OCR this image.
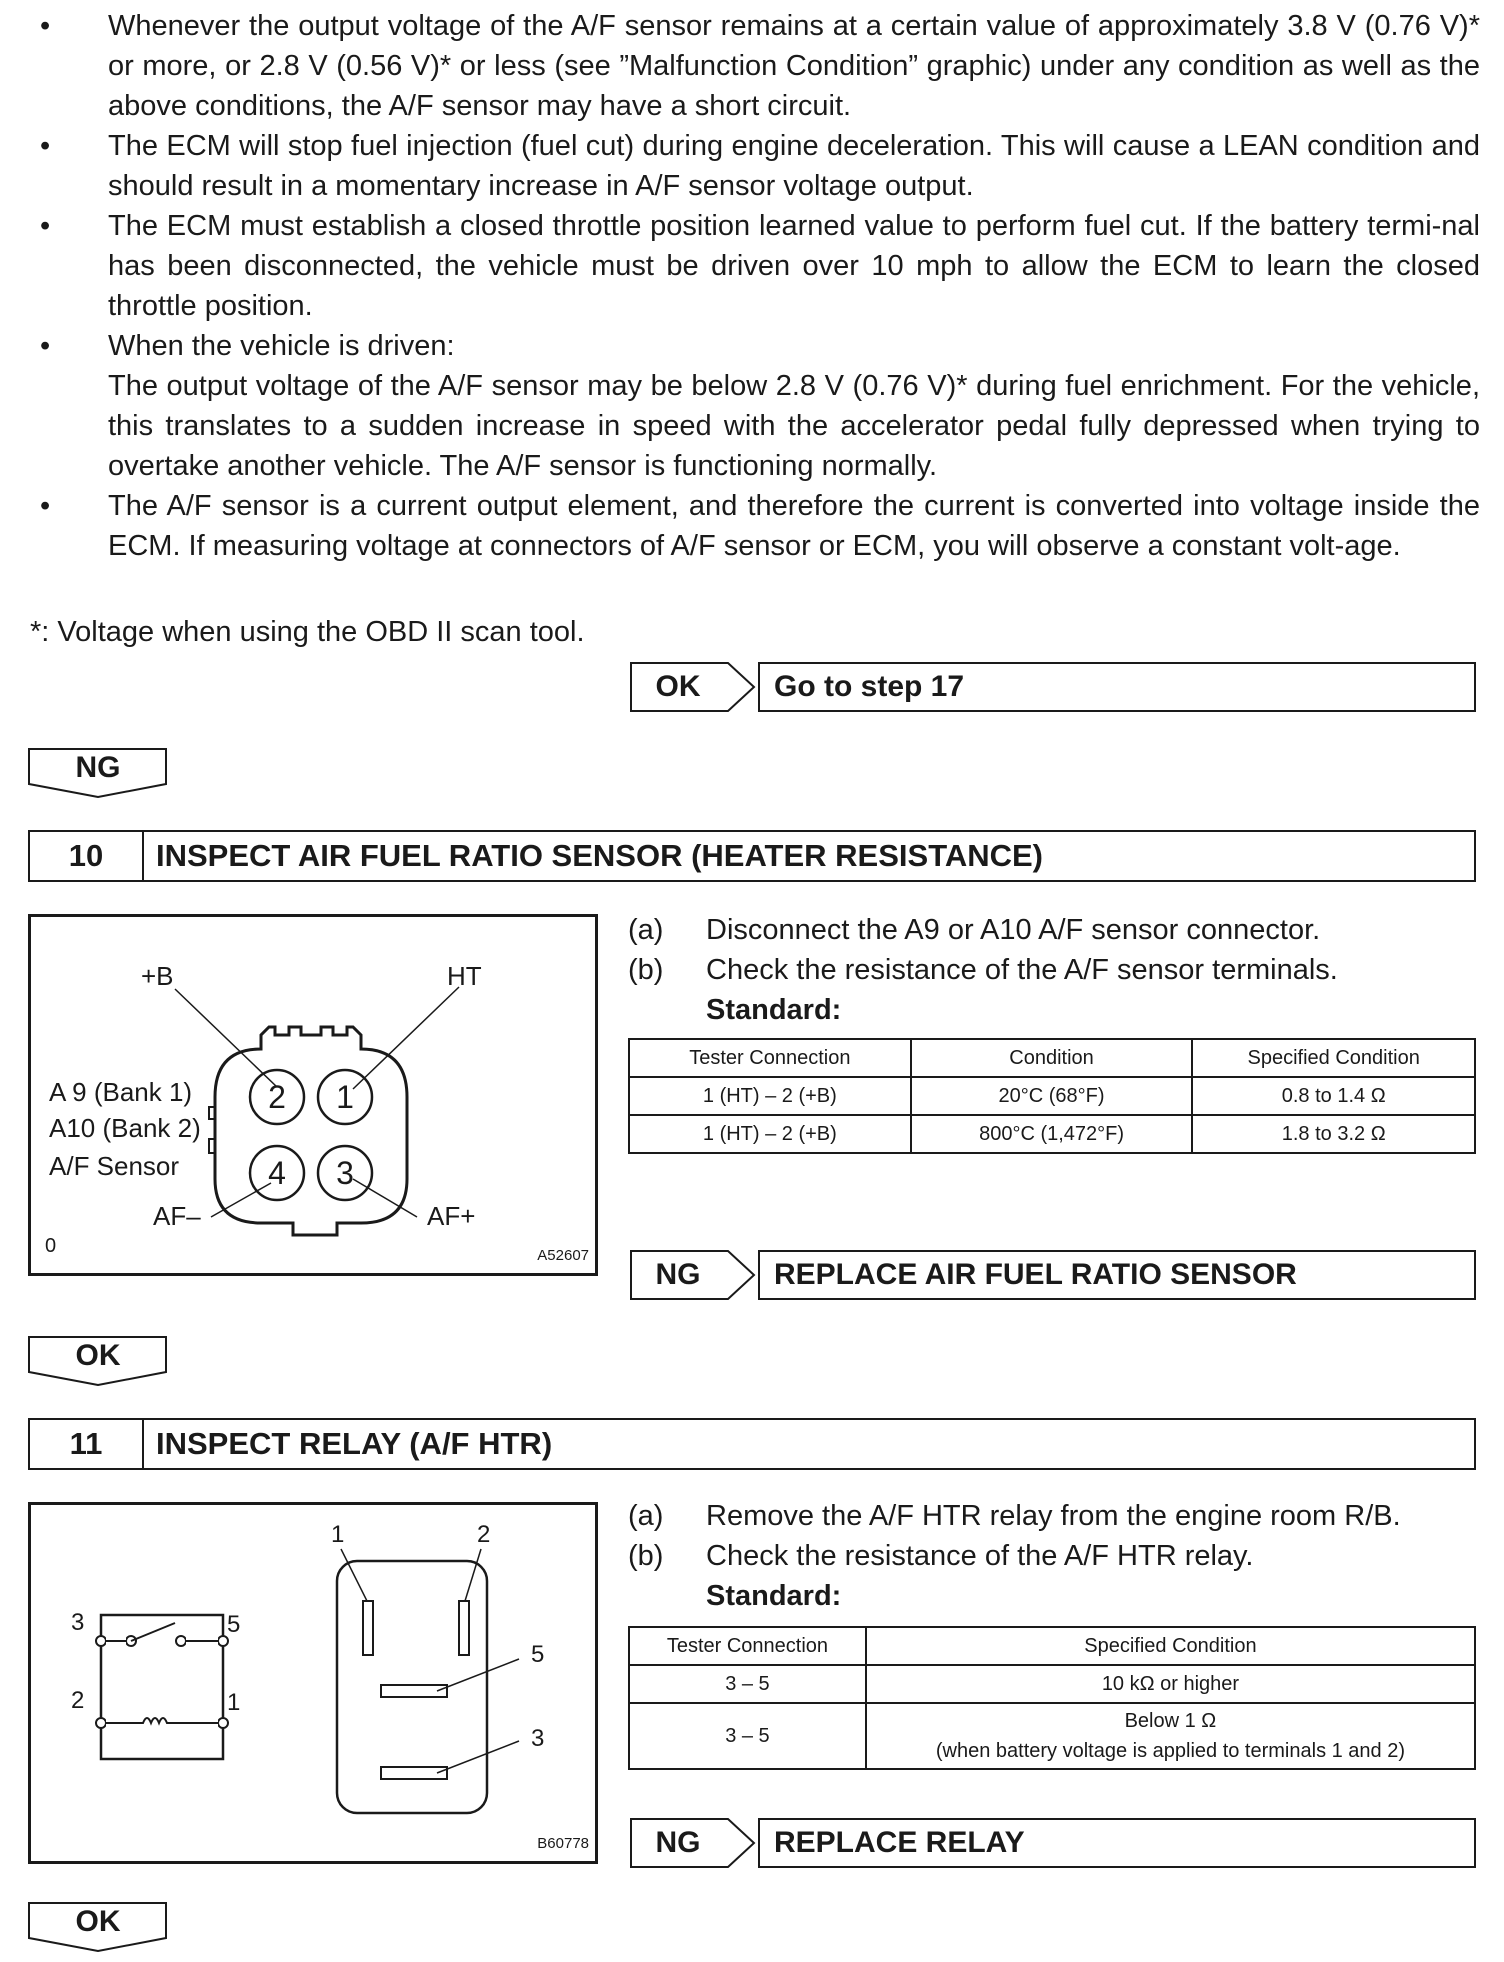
• Whenever the output voltage of the A/F sensor remains at a certain value of approximately 3.8 V (0.76 V)* or more, or 2.8 V (0.56 V)* or less (see ”Malfunction Condition” graphic) under any condition as well as the above conditions, the A/F sensor may have a short circuit.
• The ECM will stop fuel injection (fuel cut) during engine deceleration. This will cause a LEAN condition and should result in a momentary increase in A/F sensor voltage output.
• The ECM must establish a closed throttle position learned value to perform fuel cut. If the battery termi-nal has been disconnected, the vehicle must be driven over 10 mph to allow the ECM to learn the closed throttle position.
• When the vehicle is driven:
The output voltage of the A/F sensor may be below 2.8 V (0.76 V)* during fuel enrichment. For the vehicle, this translates to a sudden increase in speed with the accelerator pedal fully depressed when trying to overtake another vehicle. The A/F sensor is functioning normally.
• The A/F sensor is a current output element, and therefore the current is converted into voltage inside the ECM. If measuring voltage at connectors of A/F sensor or ECM, you will observe a constant volt-age.
*: Voltage when using the OBD II scan tool.
OK	Go to step 17
NG
10	INSPECT AIR FUEL RATIO SENSOR (HEATER RESISTANCE)
+B	HT
A 9 (Bank 1)
A10 (Bank 2)
A/F Sensor
AF–	AF+
2 1
4 3
0	A52607
(a)	Disconnect the A9 or A10 A/F sensor connector.
(b)	Check the resistance of the A/F sensor terminals.
Standard:
Tester Connection	Condition	Specified Condition
1 (HT) – 2 (+B)	20°C (68°F)	0.8 to 1.4 Ω
1 (HT) – 2 (+B)	800°C (1,472°F)	1.8 to 3.2 Ω
NG	REPLACE AIR FUEL RATIO SENSOR
OK
11	INSPECT RELAY (A/F HTR)
1	2
5
3
3	5
2	1
B60778
(a)	Remove the A/F HTR relay from the engine room R/B.
(b)	Check the resistance of the A/F HTR relay.
Standard:
Tester Connection	Specified Condition
3 – 5	10 kΩ or higher
3 – 5	Below 1 Ω
(when battery voltage is applied to terminals 1 and 2)
NG	REPLACE RELAY
OK
